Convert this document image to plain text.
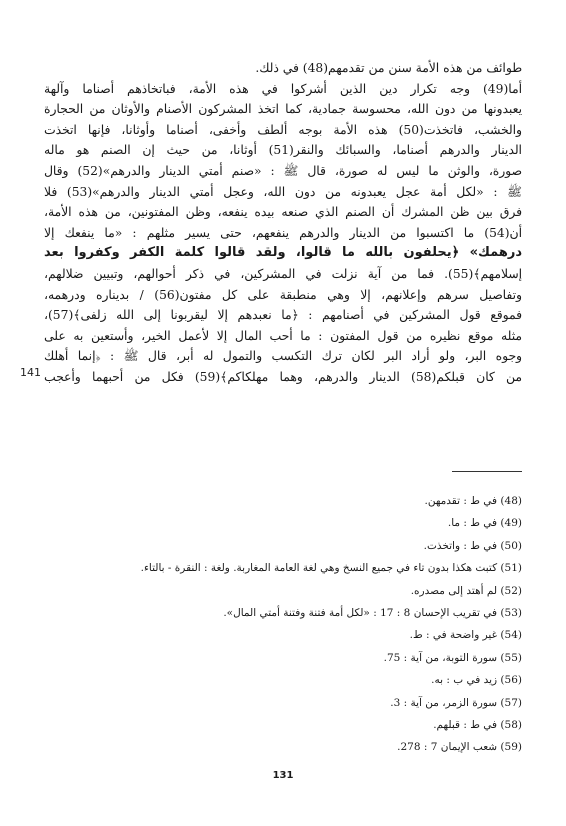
طوائف من هذه الأمة سنن من تقدمهم(48) في ذلك.
أما(49) وجه تكرار دين الذين أشركوا في هذه الأمة، فباتخاذهم أصناما وآلهة
يعبدونها من دون الله، محسوسة جمادية، كما اتخذ المشركون الأصنام والأوثان من الحجارة
والخشب، فاتخذت(50) هذه الأمة بوجه ألطف وأخفى، أصناما وأوثانا، فإنها اتخذت
الدينار والدرهم أصناما، والسبائك والنقر(51) أوثانا، من حيث إن الصنم هو ماله
صورة، والوثن ما ليس له صورة، قال ﷺ : «صنم أمتي الدينار والدرهم»(52) وقال
ﷺ : «لكل أمة عجل يعبدونه من دون الله، وعجل أمتي الدينار والدرهم»(53) فلا
فرق بين ظن المشرك أن الصنم الذي صنعه بيده ينفعه، وظن المفتونين، من هذه الأمة،
أن(54) ما اكتسبوا من الدينار والدرهم ينفعهم، حتى يسير مثلهم : «ما ينفعك إلا
درهمك» ﴿يحلفون بالله ما قالوا، ولقد قالوا كلمة الكفر وكفروا بعد
إسلامهم﴾(55). فما من آية نزلت في المشركين، في ذكر أحوالهم، وتبيين ضلالهم،
وتفاصيل سرهم وإعلانهم، إلا وهي منطبقة على كل مفتون(56) / بديناره ودرهمه،
فموقع قول المشركين في أصنامهم : ﴿ما نعبدهم إلا ليقربونا إلى الله زلفى﴾(57)،
مثله موقع نظيره من قول المفتون : ما أحب المال إلا لأعمل الخير، وأستعين به على
وجوه البر، ولو أراد البر لكان ترك التكسب والتمول له أبر، قال ﷺ : ﴿إنما أهلك
من كان قبلكم(58) الدينار والدرهم، وهما مهلكاكم﴾(59) فكل من أحبهما وأعجب
141
(48) في ط : تقدمهن.
(49) في ط : ما.
(50) في ط : واتخذت.
(51) كتبت هكذا بدون تاء في جميع النسخ وهي لغة العامة المغاربة. ولغة : النقرة - بالتاء.
(52) لم أهتد إلى مصدره.
(53) في تقريب الإحسان 8 : 17 : «لكل أمة فتنة وفتنة أمتي المال».
(54) غير واضحة في : ط.
(55) سورة التوبة، من آية : 75.
(56) زيد في ب : به.
(57) سورة الزمر، من آية : 3.
(58) في ط : قبلهم.
(59) شعب الإيمان 7 : 278.
131
